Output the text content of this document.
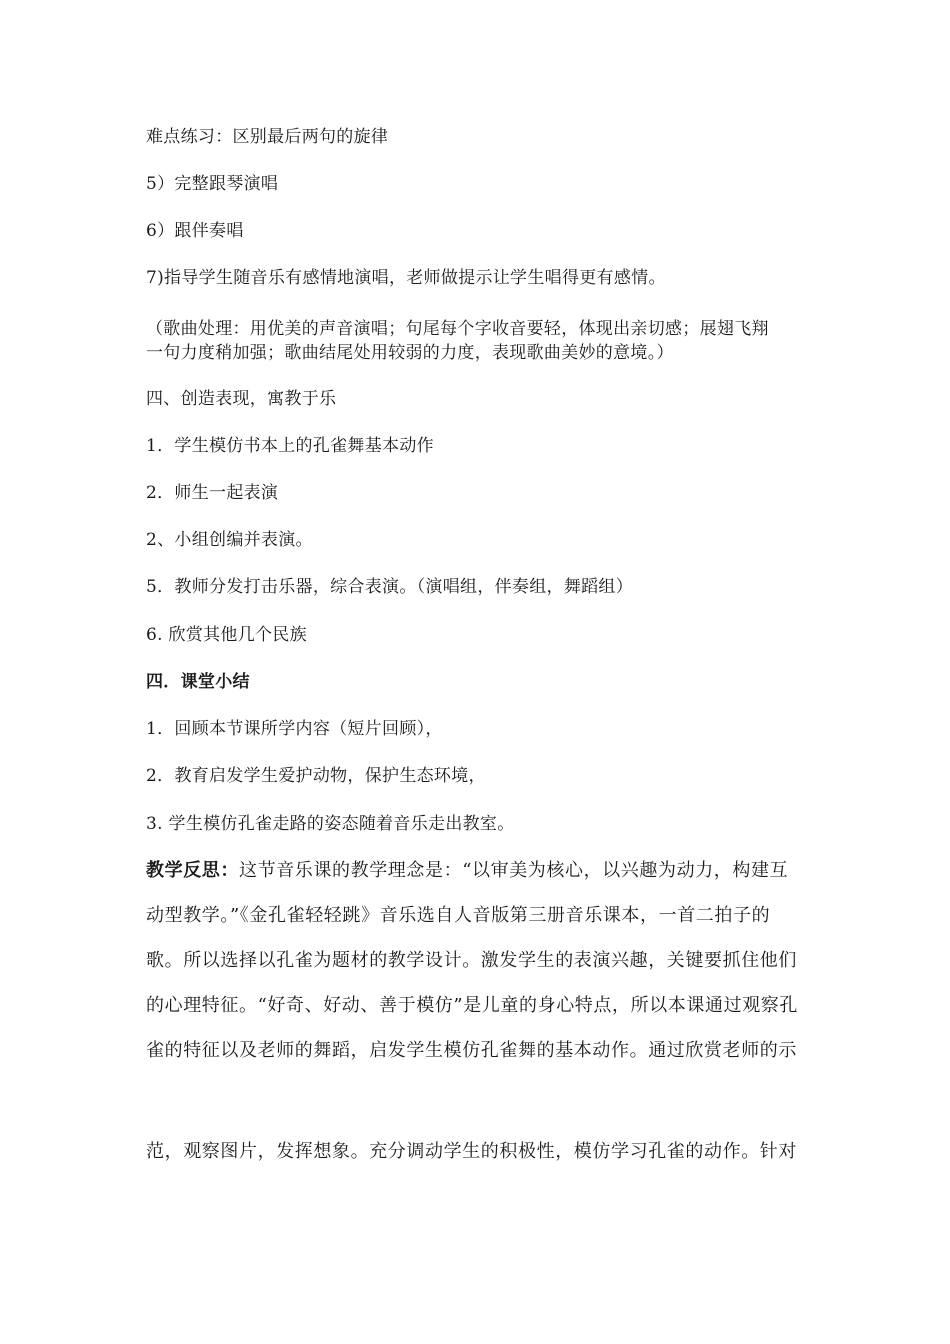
难点练习：区别最后两句的旋律
5）完整跟琴演唱
6）跟伴奏唱
7)指导学生随音乐有感情地演唱，老师做提示让学生唱得更有感情。
（歌曲处理：用优美的声音演唱；句尾每个字收音要轻，体现出亲切感；展翅飞翔
一句力度稍加强；歌曲结尾处用较弱的力度，表现歌曲美妙的意境。）
四、创造表现，寓教于乐
1．学生模仿书本上的孔雀舞基本动作
2．师生一起表演
2、小组创编并表演。
5．教师分发打击乐器，综合表演。（演唱组，伴奏组，舞蹈组）
6. 欣赏其他几个民族
四．课堂小结
1．回顾本节课所学内容（短片回顾），
2．教育启发学生爱护动物，保护生态环境，
3. 学生模仿孔雀走路的姿态随着音乐走出教室。
教学反思：这节音乐课的教学理念是：“以审美为核心，以兴趣为动力，构建互
动型教学。”《金孔雀轻轻跳》音乐选自人音版第三册音乐课本，一首二拍子的
歌。所以选择以孔雀为题材的教学设计。激发学生的表演兴趣，关键要抓住他们
的心理特征。“好奇、好动、善于模仿”是儿童的身心特点，所以本课通过观察孔
雀的特征以及老师的舞蹈，启发学生模仿孔雀舞的基本动作。通过欣赏老师的示
范，观察图片，发挥想象。充分调动学生的积极性，模仿学习孔雀的动作。针对
